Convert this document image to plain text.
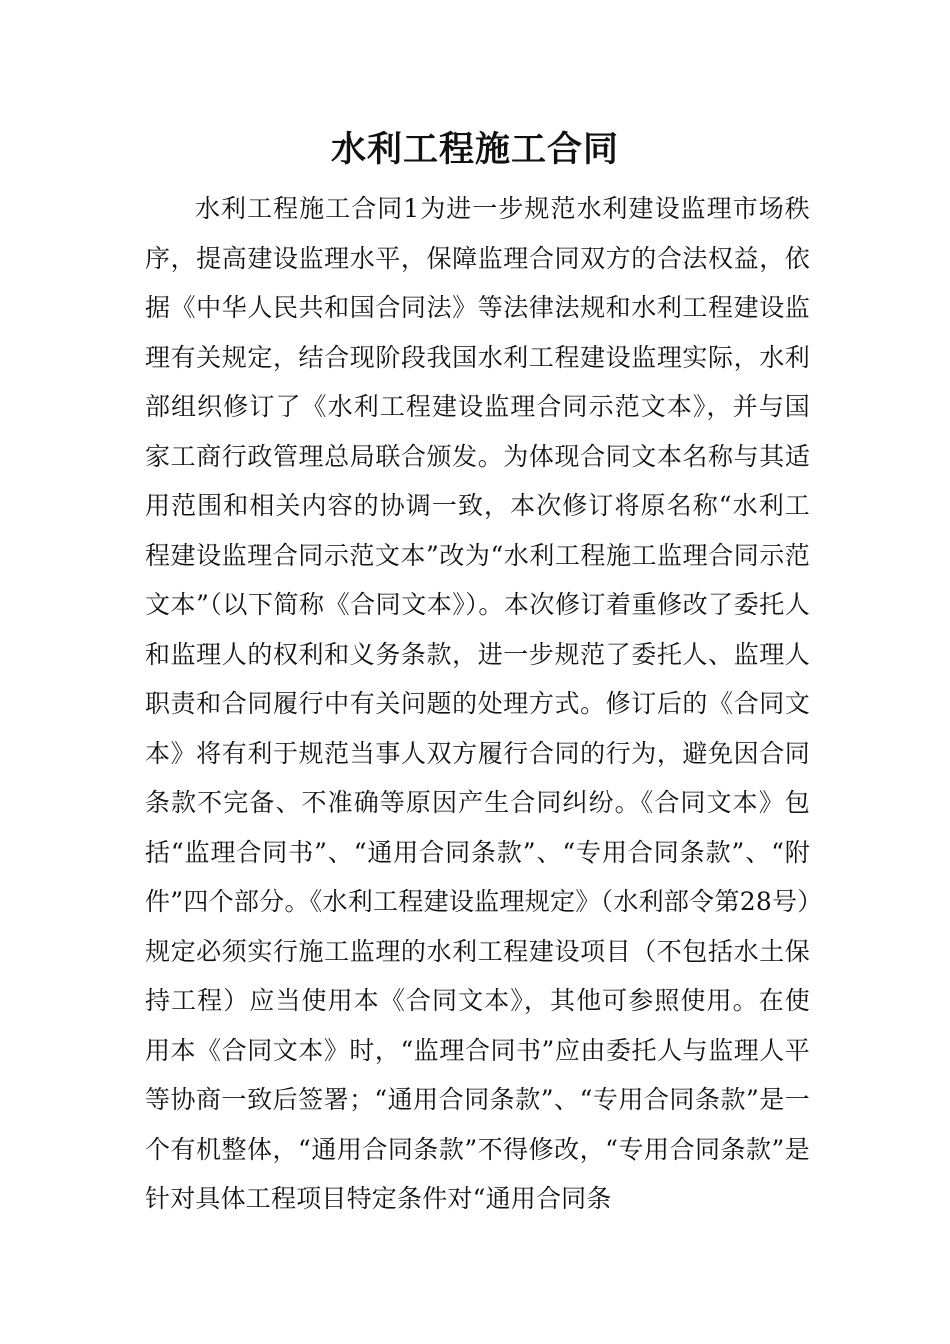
水利工程施工合同

水利工程施工合同1为进一步规范水利建设监理市场秩序，提高建设监理水平，保障监理合同双方的合法权益，依据《中华人民共和国合同法》等法律法规和水利工程建设监理有关规定，结合现阶段我国水利工程建设监理实际，水利部组织修订了《水利工程建设监理合同示范文本》，并与国家工商行政管理总局联合颁发。为体现合同文本名称与其适用范围和相关内容的协调一致，本次修订将原名称“水利工程建设监理合同示范文本”改为“水利工程施工监理合同示范文本”（以下简称《合同文本》）。本次修订着重修改了委托人和监理人的权利和义务条款，进一步规范了委托人、监理人职责和合同履行中有关问题的处理方式。修订后的《合同文本》将有利于规范当事人双方履行合同的行为，避免因合同条款不完备、不准确等原因产生合同纠纷。《合同文本》包括“监理合同书”、“通用合同条款”、“专用合同条款”、“附件”四个部分。《水利工程建设监理规定》（水利部令第28号）规定必须实行施工监理的水利工程建设项目（不包括水土保持工程）应当使用本《合同文本》，其他可参照使用。在使用本《合同文本》时，“监理合同书”应由委托人与监理人平等协商一致后签署；“通用合同条款”、“专用合同条款”是一个有机整体，“通用合同条款”不得修改，“专用合同条款”是针对具体工程项目特定条件对“通用合同条
